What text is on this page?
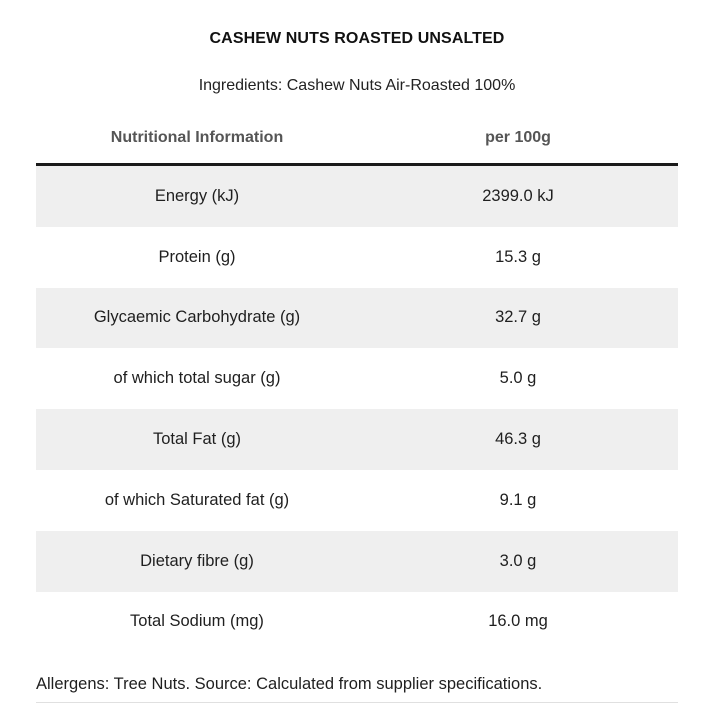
CASHEW NUTS ROASTED UNSALTED
Ingredients: Cashew Nuts Air-Roasted 100%
Nutritional Information	per 100g
Energy (kJ)	2399.0 kJ
Protein (g)	15.3 g
Glycaemic Carbohydrate (g)	32.7 g
of which total sugar (g)	5.0 g
Total Fat (g)	46.3 g
of which Saturated fat (g)	9.1 g
Dietary fibre (g)	3.0 g
Total Sodium (mg)	16.0 mg
Allergens: Tree Nuts. Source: Calculated from supplier specifications.
